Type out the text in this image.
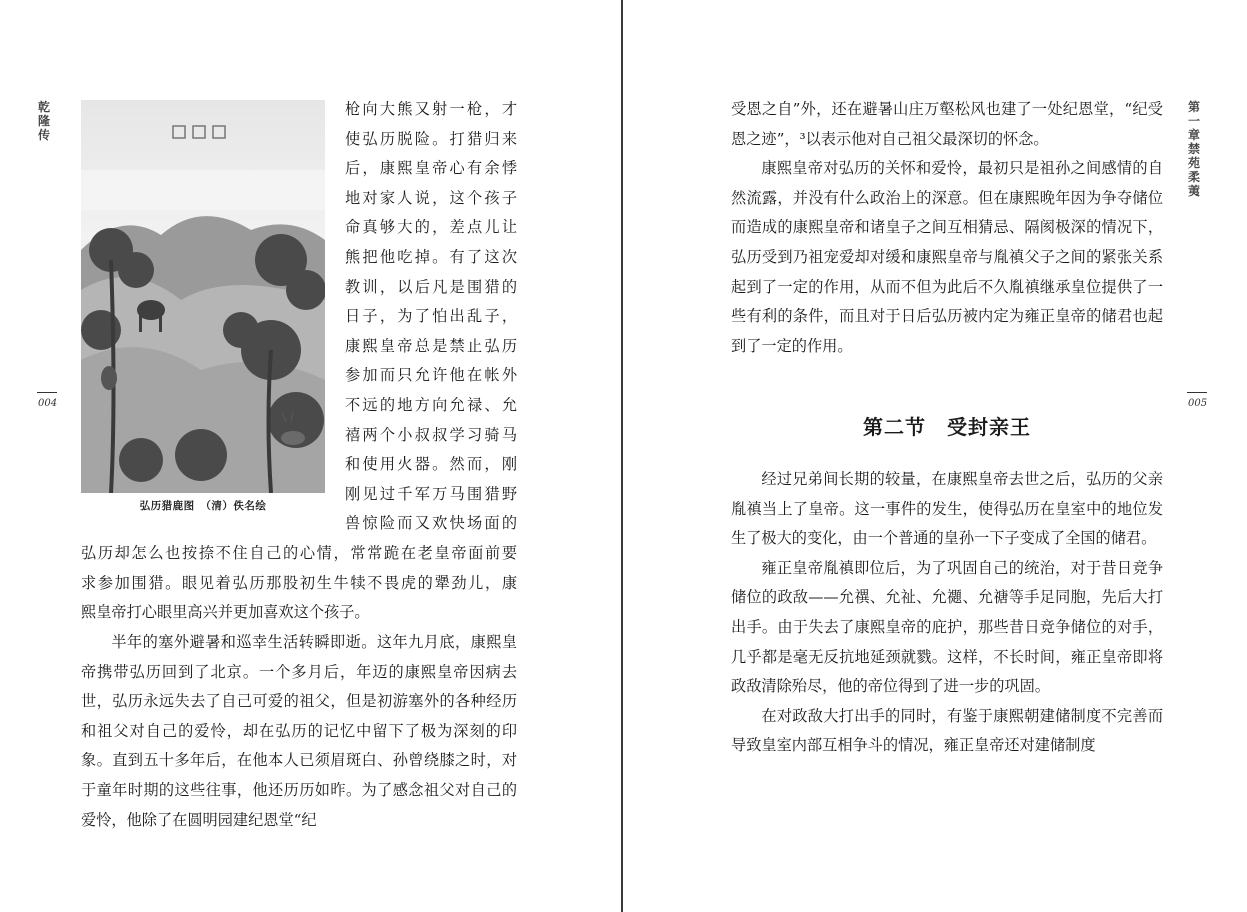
乾隆传
004
弘历猎鹿图　（清）佚名绘
枪向大熊又射一枪，才
使弘历脱险。打猎归来
后，康熙皇帝心有余悸
地对家人说，这个孩子
命真够大的，差点儿让
熊把他吃掉。有了这次
教训，以后凡是围猎的
日子，为了怕出乱子，
康熙皇帝总是禁止弘历
参加而只允许他在帐外
不远的地方向允禄、允
禧两个小叔叔学习骑马
和使用火器。然而，刚
刚见过千军万马围猎野
兽惊险而又欢快场面的
弘历却怎么也按捺不住自己的心情，常常跪在老皇帝面前要
求参加围猎。眼见着弘历那股初生牛犊不畏虎的犟劲儿，康
熙皇帝打心眼里高兴并更加喜欢这个孩子。

半年的塞外避暑和巡幸生活转瞬即逝。这年九月底，康熙皇帝携带弘历回到了北京。一个多月后，年迈的康熙皇帝因病去世，弘历永远失去了自己可爱的祖父，但是初游塞外的各种经历和祖父对自己的爱怜，却在弘历的记忆中留下了极为深刻的印象。直到五十多年后，在他本人已须眉斑白、孙曾绕膝之时，对于童年时期的这些往事，他还历历如昨。为了感念祖父对自己的爱怜，他除了在圆明园建纪恩堂“纪

第一章　禁苑柔荑
005

受恩之自”外，还在避暑山庄万壑松风也建了一处纪恩堂，“纪受恩之迹”，³以表示他对自己祖父最深切的怀念。

康熙皇帝对弘历的关怀和爱怜，最初只是祖孙之间感情的自然流露，并没有什么政治上的深意。但在康熙晚年因为争夺储位而造成的康熙皇帝和诸皇子之间互相猜忌、隔阂极深的情况下，弘历受到乃祖宠爱却对缓和康熙皇帝与胤禛父子之间的紧张关系起到了一定的作用，从而不但为此后不久胤禛继承皇位提供了一些有利的条件，而且对于日后弘历被内定为雍正皇帝的储君也起到了一定的作用。

第二节　受封亲王

经过兄弟间长期的较量，在康熙皇帝去世之后，弘历的父亲胤禛当上了皇帝。这一事件的发生，使得弘历在皇室中的地位发生了极大的变化，由一个普通的皇孙一下子变成了全国的储君。

雍正皇帝胤禛即位后，为了巩固自己的统治，对于昔日竞争储位的政敌——允禩、允祉、允禵、允禟等手足同胞，先后大打出手。由于失去了康熙皇帝的庇护，那些昔日竞争储位的对手，几乎都是毫无反抗地延颈就戮。这样，不长时间，雍正皇帝即将政敌清除殆尽，他的帝位得到了进一步的巩固。

在对政敌大打出手的同时，有鉴于康熙朝建储制度不完善而导致皇室内部互相争斗的情况，雍正皇帝还对建储制度
